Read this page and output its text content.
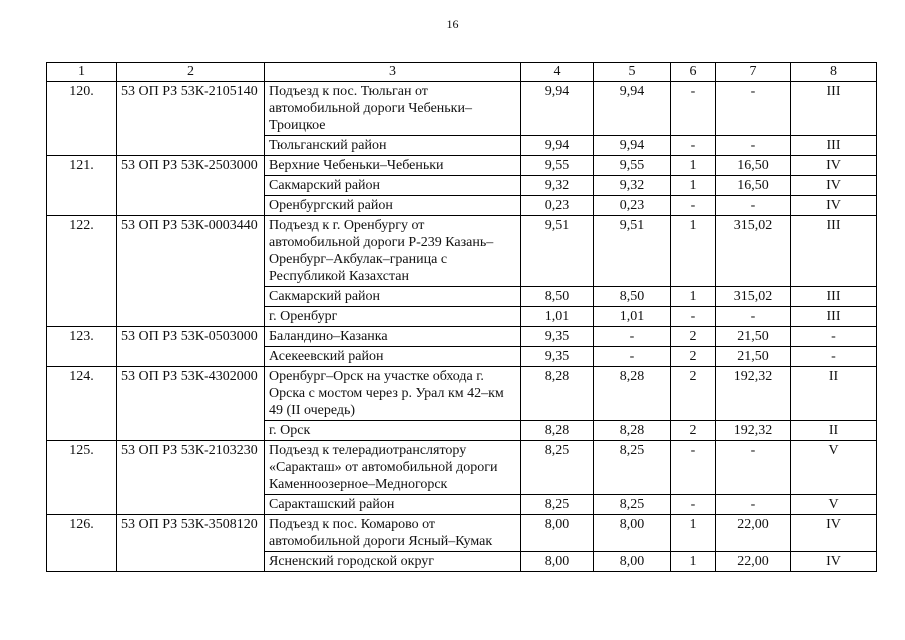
16
1	2	3	4	5	6	7	8
120.	53 ОП РЗ 53К-2105140	Подъезд к пос. Тюльган от автомобильной дороги Чебеньки–Троицкое	9,94	9,94	-	-	III
		Тюльганский район	9,94	9,94	-	-	III
121.	53 ОП РЗ 53К-2503000	Верхние Чебеньки–Чебеньки	9,55	9,55	1	16,50	IV
		Сакмарский район	9,32	9,32	1	16,50	IV
		Оренбургский район	0,23	0,23	-	-	IV
122.	53 ОП РЗ 53К-0003440	Подъезд к г. Оренбургу от автомобильной дороги Р-239 Казань–Оренбург–Акбулак–граница с Республикой Казахстан	9,51	9,51	1	315,02	III
		Сакмарский район	8,50	8,50	1	315,02	III
		г. Оренбург	1,01	1,01	-	-	III
123.	53 ОП РЗ 53К-0503000	Баландино–Казанка	9,35	-	2	21,50	-
		Асекеевский район	9,35	-	2	21,50	-
124.	53 ОП РЗ 53К-4302000	Оренбург–Орск на участке обхода г. Орска с мостом через р. Урал км 42–км 49 (II очередь)	8,28	8,28	2	192,32	II
		г. Орск	8,28	8,28	2	192,32	II
125.	53 ОП РЗ 53К-2103230	Подъезд к телерадиотранслятору «Саракташ» от автомобильной дороги Каменноозерное–Медногорск	8,25	8,25	-	-	V
		Саракташский район	8,25	8,25	-	-	V
126.	53 ОП РЗ 53К-3508120	Подъезд к пос. Комарово от автомобильной дороги Ясный–Кумак	8,00	8,00	1	22,00	IV
		Ясненский городской округ	8,00	8,00	1	22,00	IV
